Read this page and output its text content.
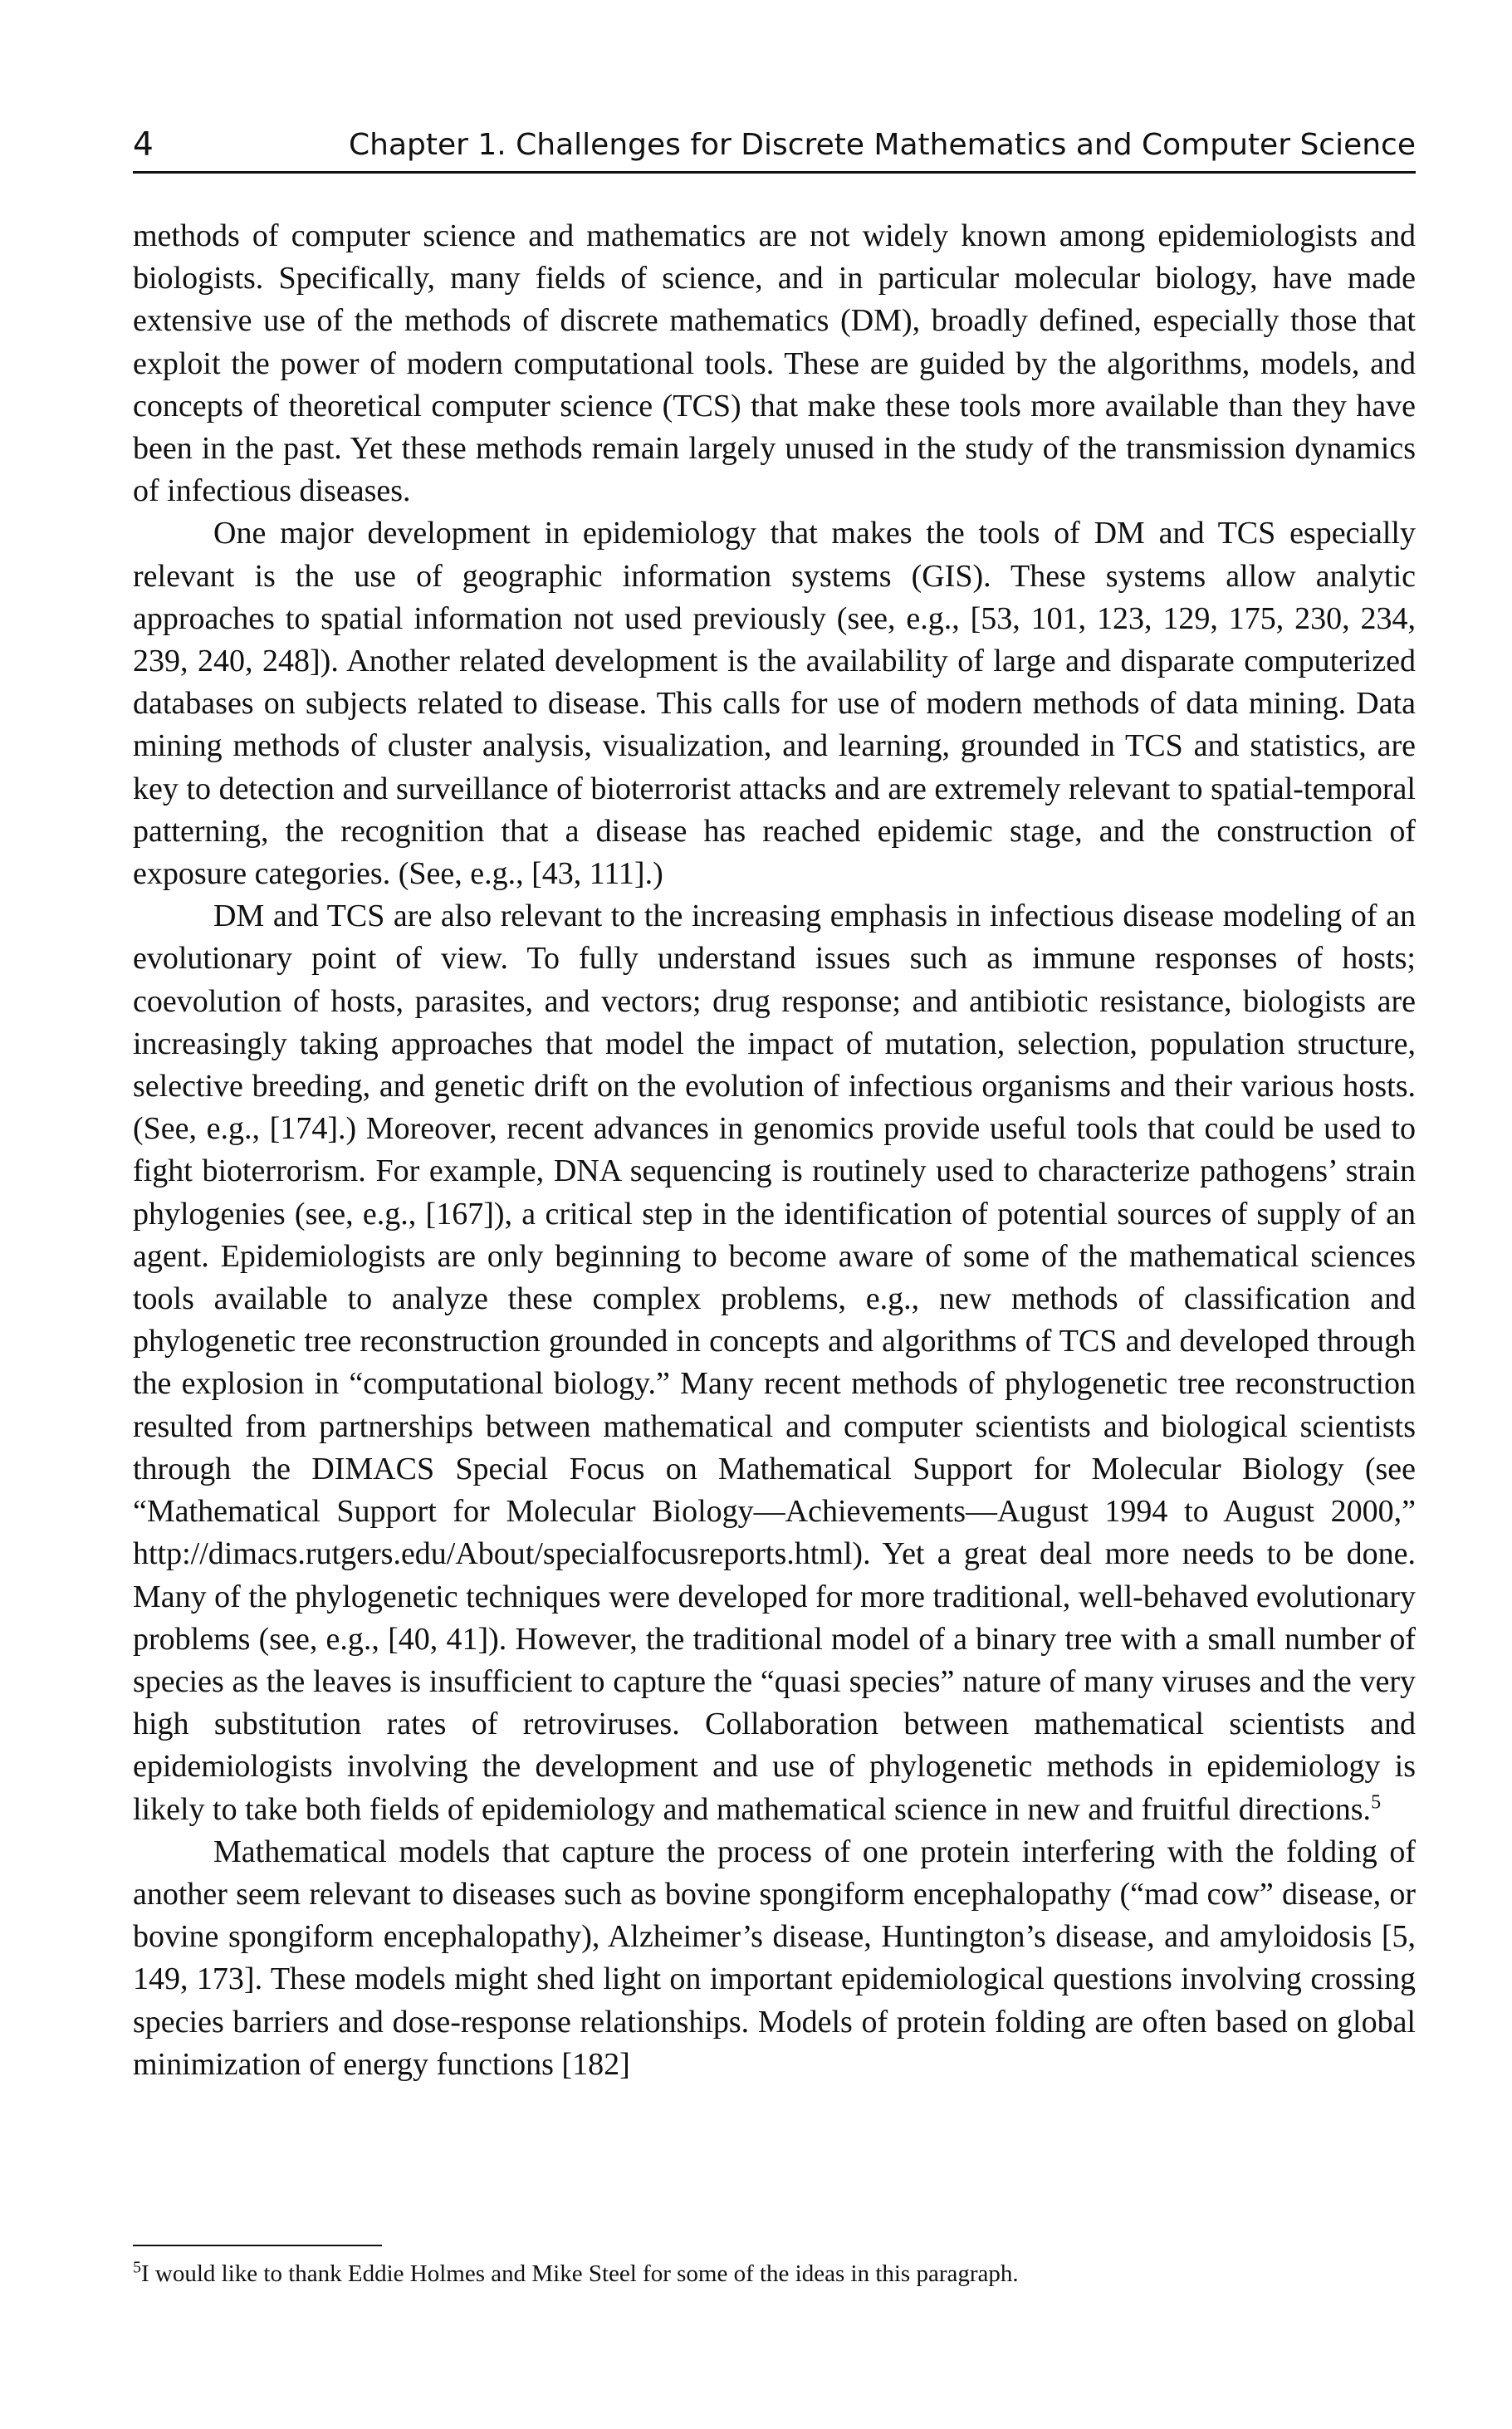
4	Chapter 1. Challenges for Discrete Mathematics and Computer Science

methods of computer science and mathematics are not widely known among epidemiologists and biologists. Specifically, many fields of science, and in particular molecular biology, have made extensive use of the methods of discrete mathematics (DM), broadly defined, especially those that exploit the power of modern computational tools. These are guided by the algorithms, models, and concepts of theoretical computer science (TCS) that make these tools more available than they have been in the past. Yet these methods remain largely unused in the study of the transmission dynamics of infectious diseases.

One major development in epidemiology that makes the tools of DM and TCS especially relevant is the use of geographic information systems (GIS). These systems allow analytic approaches to spatial information not used previously (see, e.g., [53, 101, 123, 129, 175, 230, 234, 239, 240, 248]). Another related development is the availability of large and disparate computerized databases on subjects related to disease. This calls for use of modern methods of data mining. Data mining methods of cluster analysis, visualization, and learning, grounded in TCS and statistics, are key to detection and surveillance of bioterrorist attacks and are extremely relevant to spatial-temporal patterning, the recognition that a disease has reached epidemic stage, and the construction of exposure categories. (See, e.g., [43, 111].)

DM and TCS are also relevant to the increasing emphasis in infectious disease modeling of an evolutionary point of view. To fully understand issues such as immune responses of hosts; coevolution of hosts, parasites, and vectors; drug response; and antibiotic resistance, biologists are increasingly taking approaches that model the impact of mutation, selection, population structure, selective breeding, and genetic drift on the evolution of infectious organisms and their various hosts. (See, e.g., [174].) Moreover, recent advances in genomics provide useful tools that could be used to fight bioterrorism. For example, DNA sequencing is routinely used to characterize pathogens’ strain phylogenies (see, e.g., [167]), a critical step in the identification of potential sources of supply of an agent. Epidemiologists are only beginning to become aware of some of the mathematical sciences tools available to analyze these complex problems, e.g., new methods of classification and phylogenetic tree reconstruction grounded in concepts and algorithms of TCS and developed through the explosion in “computational biology.” Many recent methods of phylogenetic tree reconstruction resulted from partnerships between mathematical and computer scientists and biological scientists through the DIMACS Special Focus on Mathematical Support for Molecular Biology (see “Mathematical Support for Molecular Biology—Achievements—August 1994 to August 2000,” http://dimacs.rutgers.edu/About/specialfocusreports.html). Yet a great deal more needs to be done. Many of the phylogenetic techniques were developed for more traditional, well-behaved evolutionary problems (see, e.g., [40, 41]). However, the traditional model of a binary tree with a small number of species as the leaves is insufficient to capture the “quasi species” nature of many viruses and the very high substitution rates of retroviruses. Collaboration between mathematical scientists and epidemiologists involving the development and use of phylogenetic methods in epidemiology is likely to take both fields of epidemiology and mathematical science in new and fruitful directions.$^5$

Mathematical models that capture the process of one protein interfering with the folding of another seem relevant to diseases such as bovine spongiform encephalopathy (“mad cow” disease, or bovine spongiform encephalopathy), Alzheimer’s disease, Huntington’s disease, and amyloidosis [5, 149, 173]. These models might shed light on important epidemiological questions involving crossing species barriers and dose-response relationships. Models of protein folding are often based on global minimization of energy functions [182]

$^5$I would like to thank Eddie Holmes and Mike Steel for some of the ideas in this paragraph.
